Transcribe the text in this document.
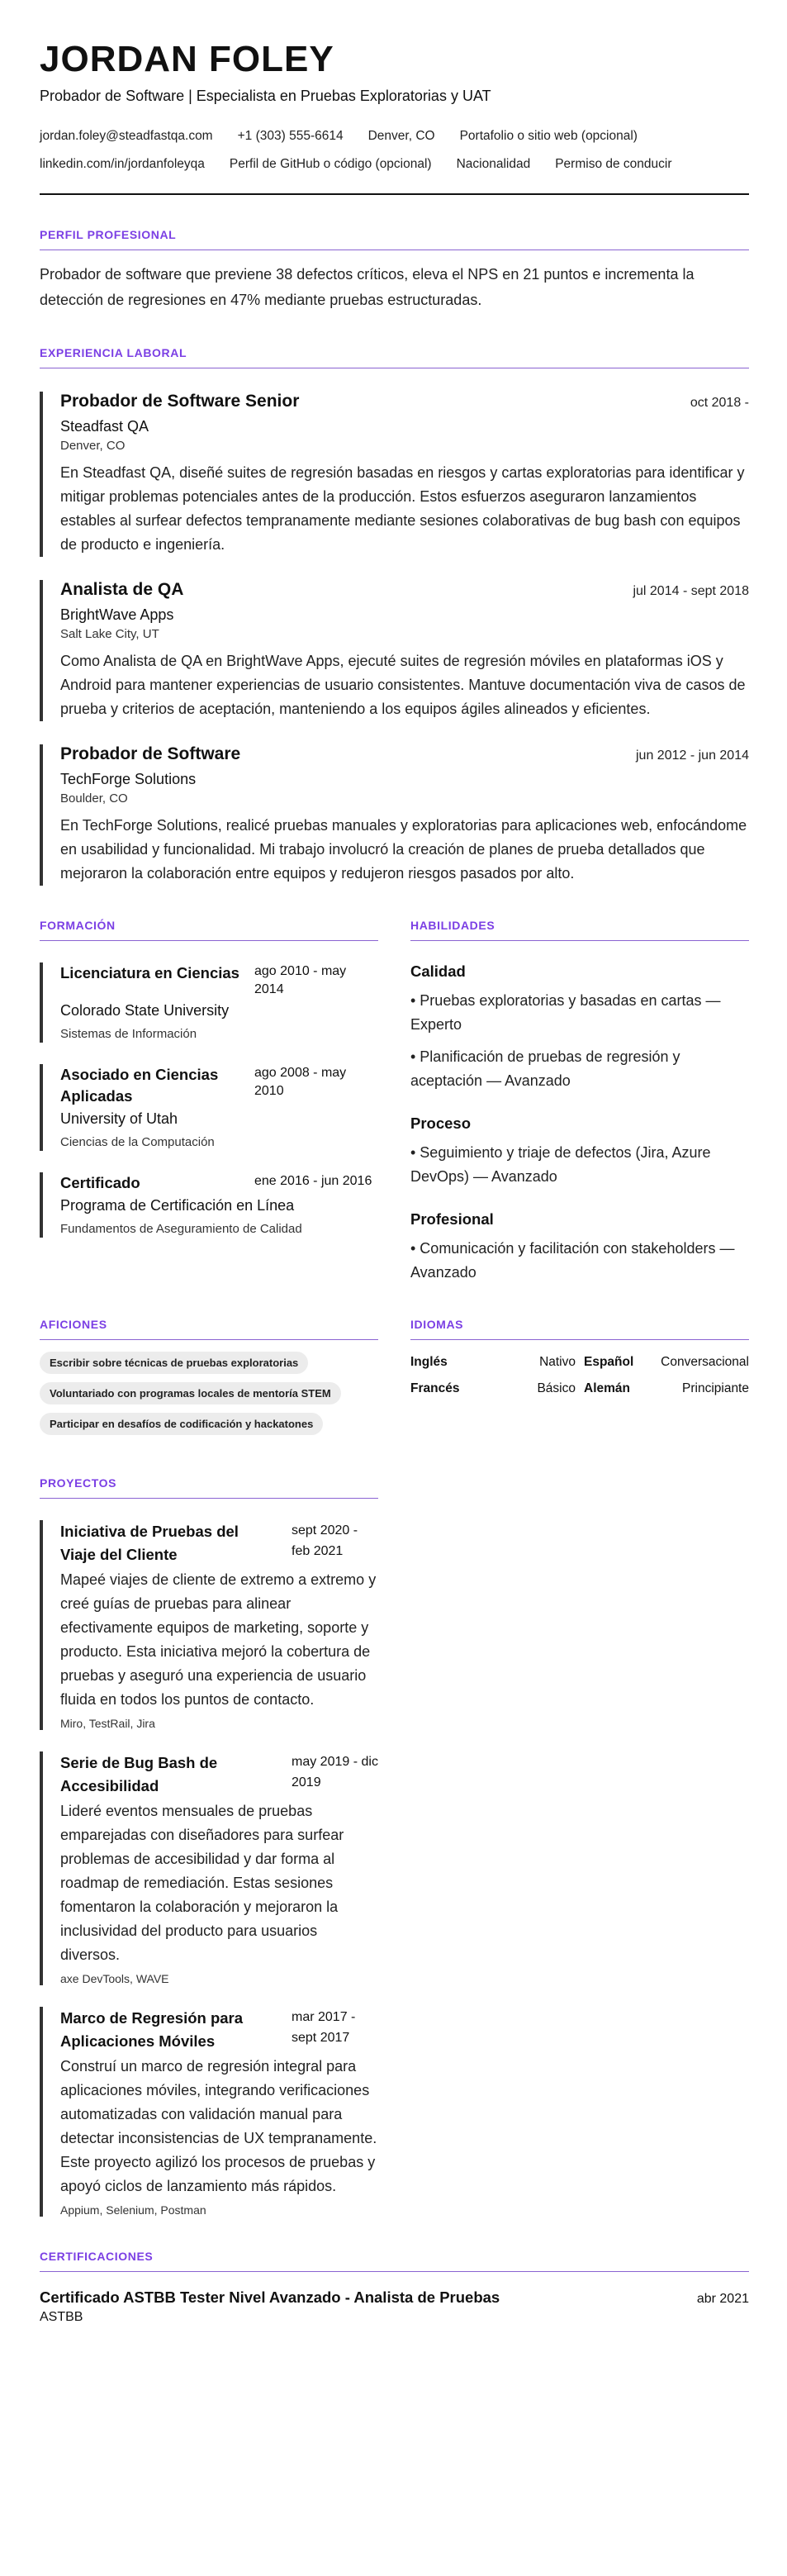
JORDAN FOLEY
Probador de Software | Especialista en Pruebas Exploratorias y UAT
jordan.foley@steadfastqa.com +1 (303) 555-6614 Denver, CO Portafolio o sitio web (opcional)
linkedin.com/in/jordanfoleyqa Perfil de GitHub o código (opcional) Nacionalidad Permiso de conducir
PERFIL PROFESIONAL
Probador de software que previene 38 defectos críticos, eleva el NPS en 21 puntos e incrementa la detección de regresiones en 47% mediante pruebas estructuradas.
EXPERIENCIA LABORAL
Probador de Software Senior	oct 2018 -
Steadfast QA
Denver, CO
En Steadfast QA, diseñé suites de regresión basadas en riesgos y cartas exploratorias para identificar y mitigar problemas potenciales antes de la producción. Estos esfuerzos aseguraron lanzamientos estables al surfear defectos tempranamente mediante sesiones colaborativas de bug bash con equipos de producto e ingeniería.
Analista de QA	jul 2014 - sept 2018
BrightWave Apps
Salt Lake City, UT
Como Analista de QA en BrightWave Apps, ejecuté suites de regresión móviles en plataformas iOS y Android para mantener experiencias de usuario consistentes. Mantuve documentación viva de casos de prueba y criterios de aceptación, manteniendo a los equipos ágiles alineados y eficientes.
Probador de Software	jun 2012 - jun 2014
TechForge Solutions
Boulder, CO
En TechForge Solutions, realicé pruebas manuales y exploratorias para aplicaciones web, enfocándome en usabilidad y funcionalidad. Mi trabajo involucró la creación de planes de prueba detallados que mejoraron la colaboración entre equipos y redujeron riesgos pasados por alto.
FORMACIÓN
Licenciatura en Ciencias ago 2010 - may 2014
Colorado State University
Sistemas de Información
Asociado en Ciencias Aplicadas
ago 2008 - may 2010
University of Utah
Ciencias de la Computación
Certificado	ene 2016 - jun 2016
Programa de Certificación en Línea
Fundamentos de Aseguramiento de Calidad
HABILIDADES
Calidad
• Pruebas exploratorias y basadas en cartas — Experto
• Planificación de pruebas de regresión y aceptación — Avanzado
Proceso
• Seguimiento y triaje de defectos (Jira, Azure DevOps) — Avanzado
Profesional
• Comunicación y facilitación con stakeholders — Avanzado
AFICIONES
Escribir sobre técnicas de pruebas exploratorias Voluntariado con programas locales de mentoría STEM Participar en desafíos de codificación y hackatones
IDIOMAS
Inglés	Nativo Español Conversacional
Francés	Básico Alemán	Principiante
PROYECTOS
Iniciativa de Pruebas del Viaje del Cliente
sept 2020 - feb 2021
Mapeé viajes de cliente de extremo a extremo y creé guías de pruebas para alinear efectivamente equipos de marketing, soporte y producto. Esta iniciativa mejoró la cobertura de pruebas y aseguró una experiencia de usuario fluida en todos los puntos de contacto.
Miro, TestRail, Jira
Serie de Bug Bash de Accesibilidad
may 2019 - dic 2019
Lideré eventos mensuales de pruebas emparejadas con diseñadores para surfear problemas de accesibilidad y dar forma al roadmap de remediación. Estas sesiones fomentaron la colaboración y mejoraron la inclusividad del producto para usuarios diversos.
axe DevTools, WAVE
Marco de Regresión para Aplicaciones Móviles
mar 2017 - sept 2017
Construí un marco de regresión integral para aplicaciones móviles, integrando verificaciones automatizadas con validación manual para detectar inconsistencias de UX tempranamente. Este proyecto agilizó los procesos de pruebas y apoyó ciclos de lanzamiento más rápidos.
Appium, Selenium, Postman
CERTIFICACIONES
Certificado ASTBB Tester Nivel Avanzado - Analista de Pruebas	abr 2021
ASTBB
